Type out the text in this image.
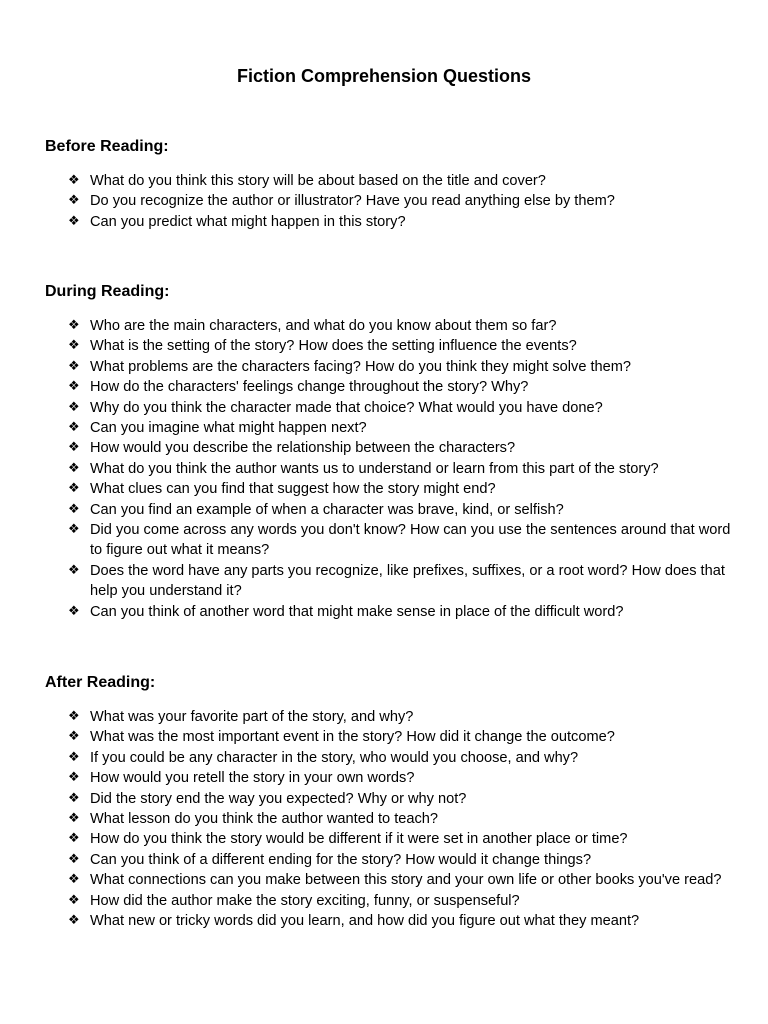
Fiction Comprehension Questions
Before Reading:
❖ What do you think this story will be about based on the title and cover?
❖ Do you recognize the author or illustrator? Have you read anything else by them?
❖ Can you predict what might happen in this story?
During Reading:
❖ Who are the main characters, and what do you know about them so far?
❖ What is the setting of the story? How does the setting influence the events?
❖ What problems are the characters facing? How do you think they might solve them?
❖ How do the characters' feelings change throughout the story? Why?
❖ Why do you think the character made that choice? What would you have done?
❖ Can you imagine what might happen next?
❖ How would you describe the relationship between the characters?
❖ What do you think the author wants us to understand or learn from this part of the story?
❖ What clues can you find that suggest how the story might end?
❖ Can you find an example of when a character was brave, kind, or selfish?
❖ Did you come across any words you don't know? How can you use the sentences around that word to figure out what it means?
❖ Does the word have any parts you recognize, like prefixes, suffixes, or a root word? How does that help you understand it?
❖ Can you think of another word that might make sense in place of the difficult word?
After Reading:
❖ What was your favorite part of the story, and why?
❖ What was the most important event in the story? How did it change the outcome?
❖ If you could be any character in the story, who would you choose, and why?
❖ How would you retell the story in your own words?
❖ Did the story end the way you expected? Why or why not?
❖ What lesson do you think the author wanted to teach?
❖ How do you think the story would be different if it were set in another place or time?
❖ Can you think of a different ending for the story? How would it change things?
❖ What connections can you make between this story and your own life or other books you've read?
❖ How did the author make the story exciting, funny, or suspenseful?
❖ What new or tricky words did you learn, and how did you figure out what they meant?
